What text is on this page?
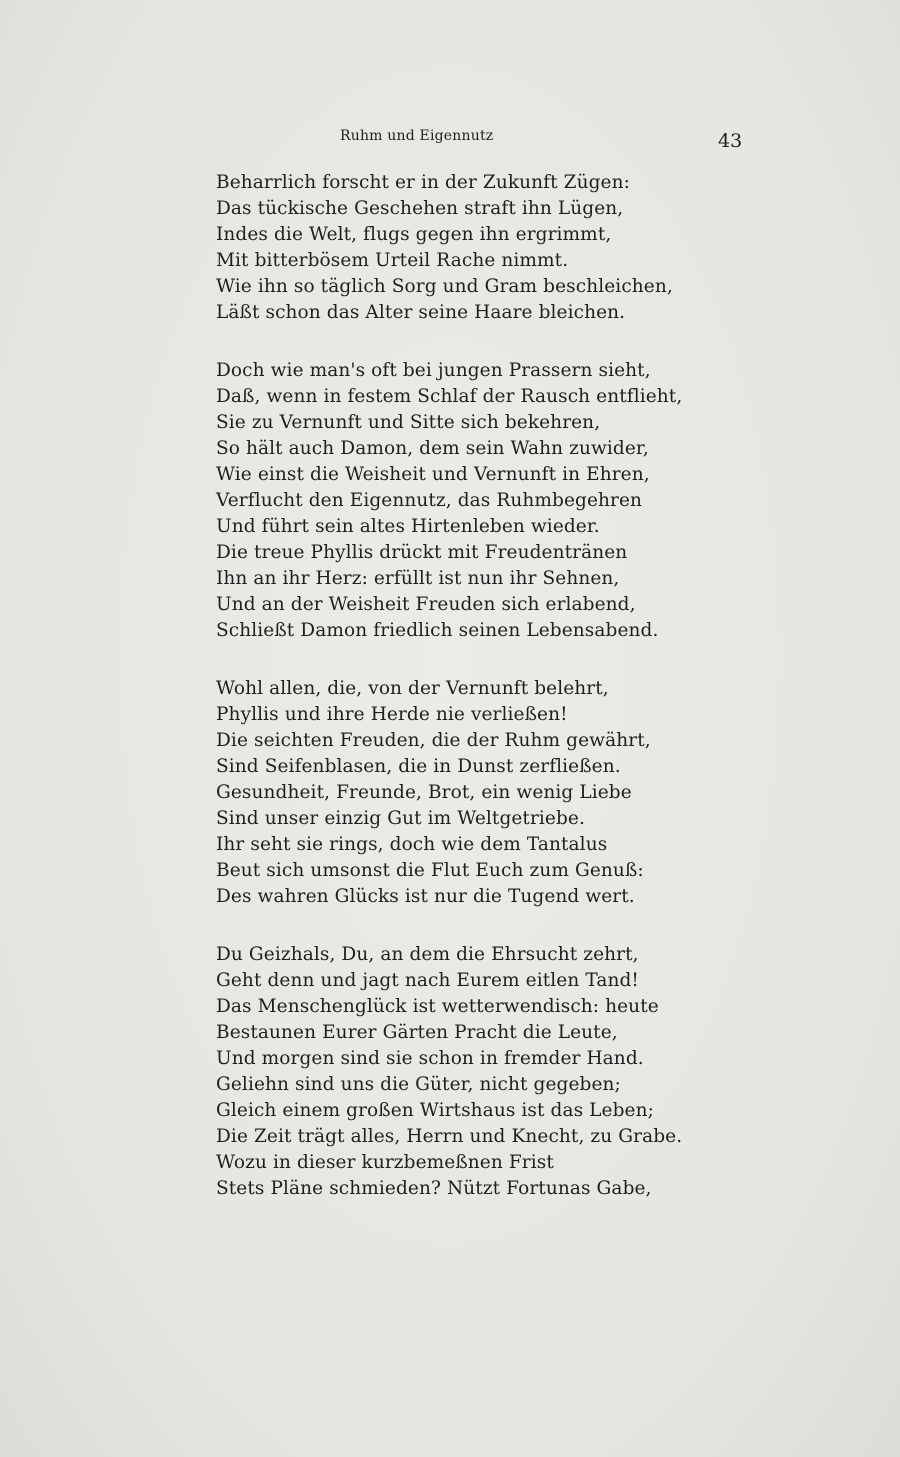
Ruhm und Eigennutz	43
Beharrlich forscht er in der Zukunft Zügen:
Das tückische Geschehen straft ihn Lügen,
Indes die Welt, flugs gegen ihn ergrimmt,
Mit bitterbösem Urteil Rache nimmt.
Wie ihn so täglich Sorg und Gram beschleichen,
Läßt schon das Alter seine Haare bleichen.
Doch wie man's oft bei jungen Prassern sieht,
Daß, wenn in festem Schlaf der Rausch entflieht,
Sie zu Vernunft und Sitte sich bekehren,
So hält auch Damon, dem sein Wahn zuwider,
Wie einst die Weisheit und Vernunft in Ehren,
Verflucht den Eigennutz, das Ruhmbegehren
Und führt sein altes Hirtenleben wieder.
Die treue Phyllis drückt mit Freudentränen
Ihn an ihr Herz: erfüllt ist nun ihr Sehnen,
Und an der Weisheit Freuden sich erlabend,
Schließt Damon friedlich seinen Lebensabend.
Wohl allen, die, von der Vernunft belehrt,
Phyllis und ihre Herde nie verließen!
Die seichten Freuden, die der Ruhm gewährt,
Sind Seifenblasen, die in Dunst zerfließen.
Gesundheit, Freunde, Brot, ein wenig Liebe
Sind unser einzig Gut im Weltgetriebe.
Ihr seht sie rings, doch wie dem Tantalus
Beut sich umsonst die Flut Euch zum Genuß:
Des wahren Glücks ist nur die Tugend wert.
Du Geizhals, Du, an dem die Ehrsucht zehrt,
Geht denn und jagt nach Eurem eitlen Tand!
Das Menschenglück ist wetterwendisch: heute
Bestaunen Eurer Gärten Pracht die Leute,
Und morgen sind sie schon in fremder Hand.
Geliehn sind uns die Güter, nicht gegeben;
Gleich einem großen Wirtshaus ist das Leben;
Die Zeit trägt alles, Herrn und Knecht, zu Grabe.
Wozu in dieser kurzbemeßnen Frist
Stets Pläne schmieden? Nützt Fortunas Gabe,
